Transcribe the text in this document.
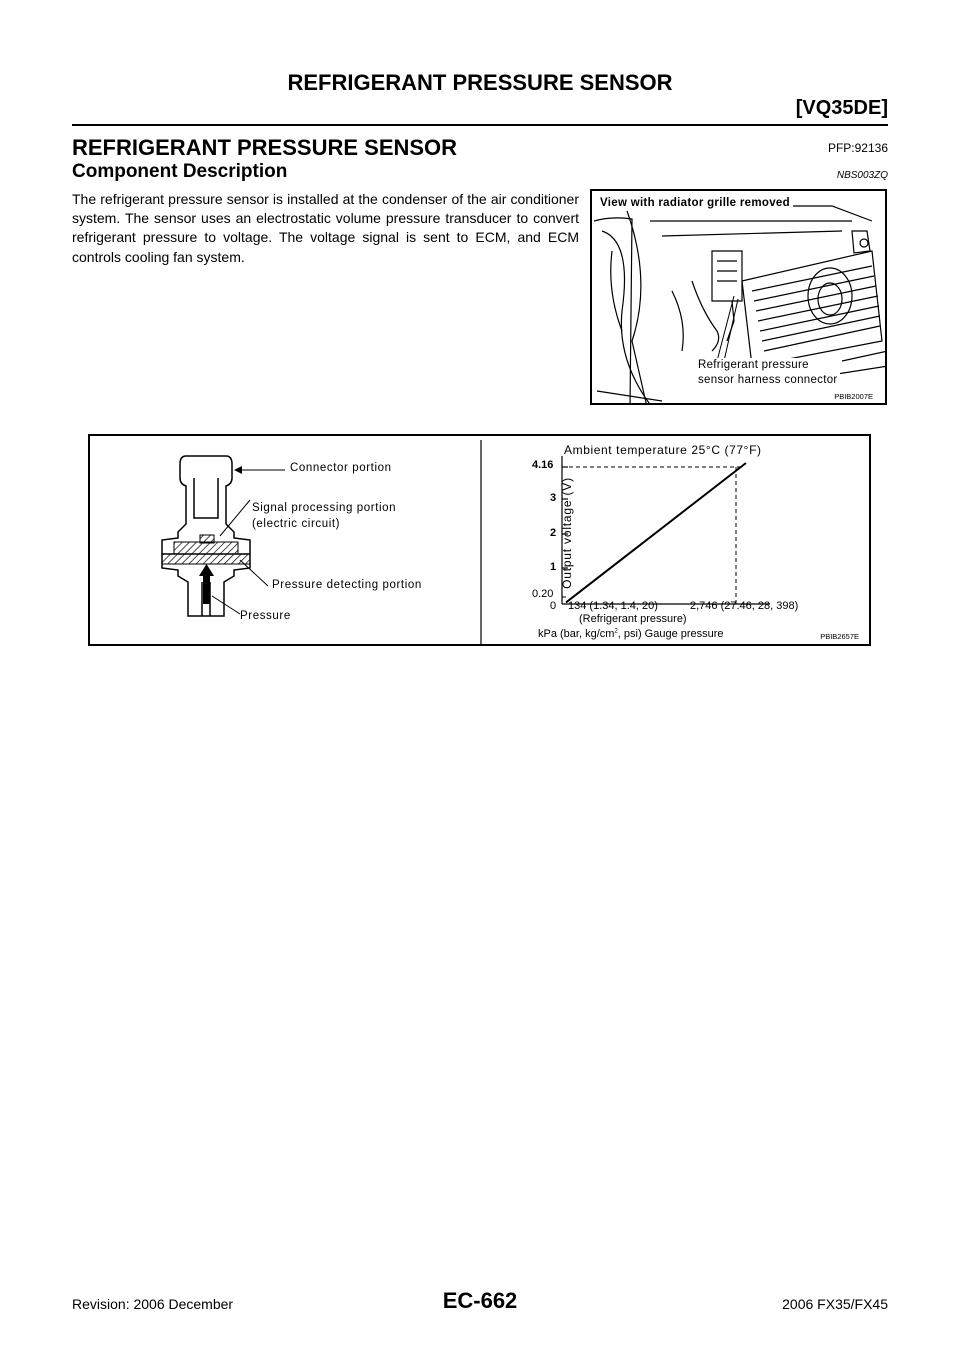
REFRIGERANT PRESSURE SENSOR
[VQ35DE]
REFRIGERANT PRESSURE SENSOR	PFP:92136
Component Description	NBS003ZQ
The refrigerant pressure sensor is installed at the condenser of the air conditioner system. The sensor uses an electrostatic volume pressure transducer to convert refrigerant pressure to voltage. The voltage signal is sent to ECM, and ECM controls cooling fan system.
View with radiator grille removed
Refrigerant pressure
sensor harness connector
PBIB2007E
Connector portion
Signal processing portion
(electric circuit)
Pressure detecting portion
Pressure
Ambient temperature 25°C (77°F)
Output voltage (V)
4.16
3
2
1
0.20
0 134 (1.34, 1.4, 20)	2,746 (27.46, 28, 398)
(Refrigerant pressure)
kPa (bar, $kg/cm^2$, psi) Gauge pressure	PBIB2657E
Revision: 2006 December	EC-662	2006 FX35/FX45
